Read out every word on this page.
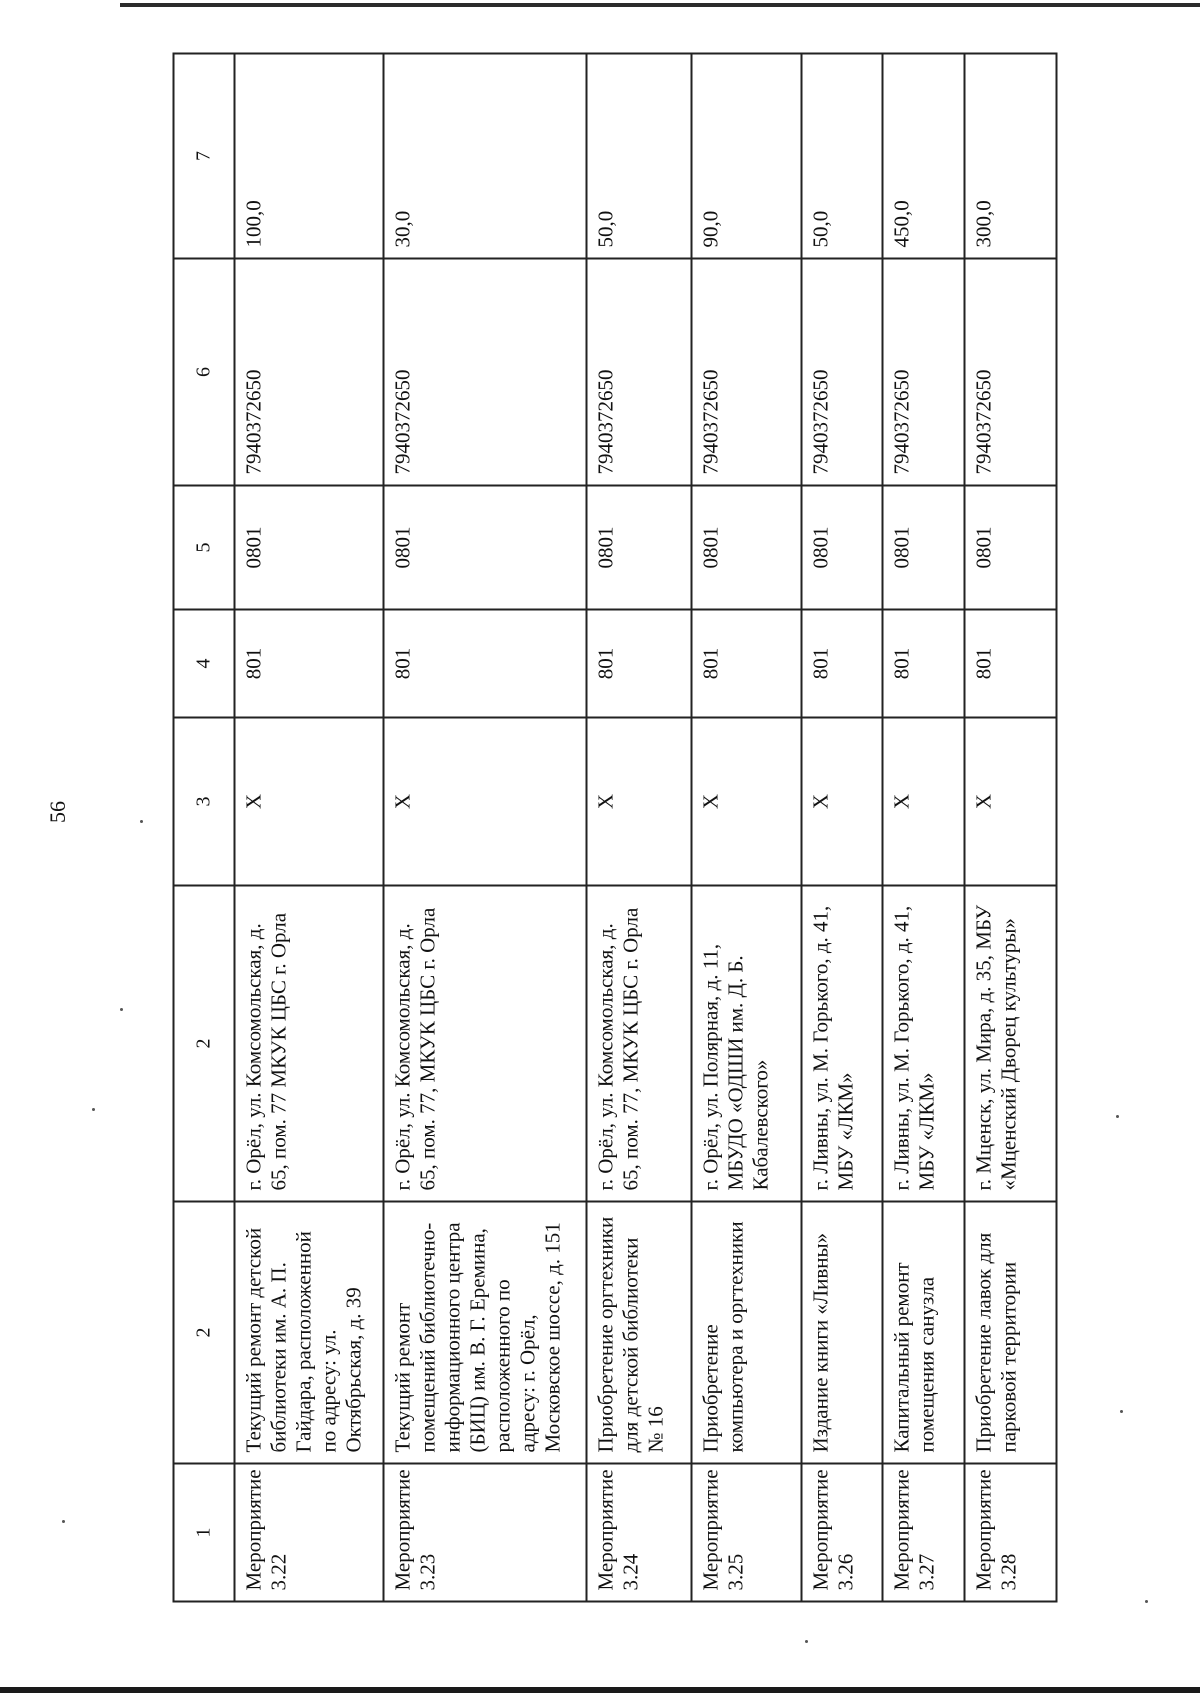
56
1	2	2	3	4	5	6	7
Мероприятие 3.22	Текущий ремонт детской библиотеки им. А. П. Гайдара, расположенной по адресу: ул. Октябрьская, д. 39	г. Орёл, ул. Комсомольская, д. 65, пом. 77 МКУК ЦБС г. Орла	Х	801	0801	7940372650	100,0
Мероприятие 3.23	Текущий ремонт помещений библиотечно-информационного центра (БИЦ) им. В. Г. Еремина, расположенного по адресу: г. Орёл, Московское шоссе, д. 151	г. Орёл, ул. Комсомольская, д. 65, пом. 77, МКУК ЦБС г. Орла	Х	801	0801	7940372650	30,0
Мероприятие 3.24	Приобретение оргтехники для детской библиотеки № 16	г. Орёл, ул. Комсомольская, д. 65, пом. 77, МКУК ЦБС г. Орла	Х	801	0801	7940372650	50,0
Мероприятие 3.25	Приобретение компьютера и оргтехники	г. Орёл, ул. Полярная, д. 11, МБУДО «ОДШИ им. Д. Б. Кабалевского»	Х	801	0801	7940372650	90,0
Мероприятие 3.26	Издание книги «Ливны»	г. Ливны, ул. М. Горького, д. 41, МБУ «ЛКМ»	Х	801	0801	7940372650	50,0
Мероприятие 3.27	Капитальный ремонт помещения санузла	г. Ливны, ул. М. Горького, д. 41, МБУ «ЛКМ»	Х	801	0801	7940372650	450,0
Мероприятие 3.28	Приобретение лавок для парковой территории	г. Мценск, ул. Мира, д. 35, МБУ «Мценский Дворец культуры»	Х	801	0801	7940372650	300,0
